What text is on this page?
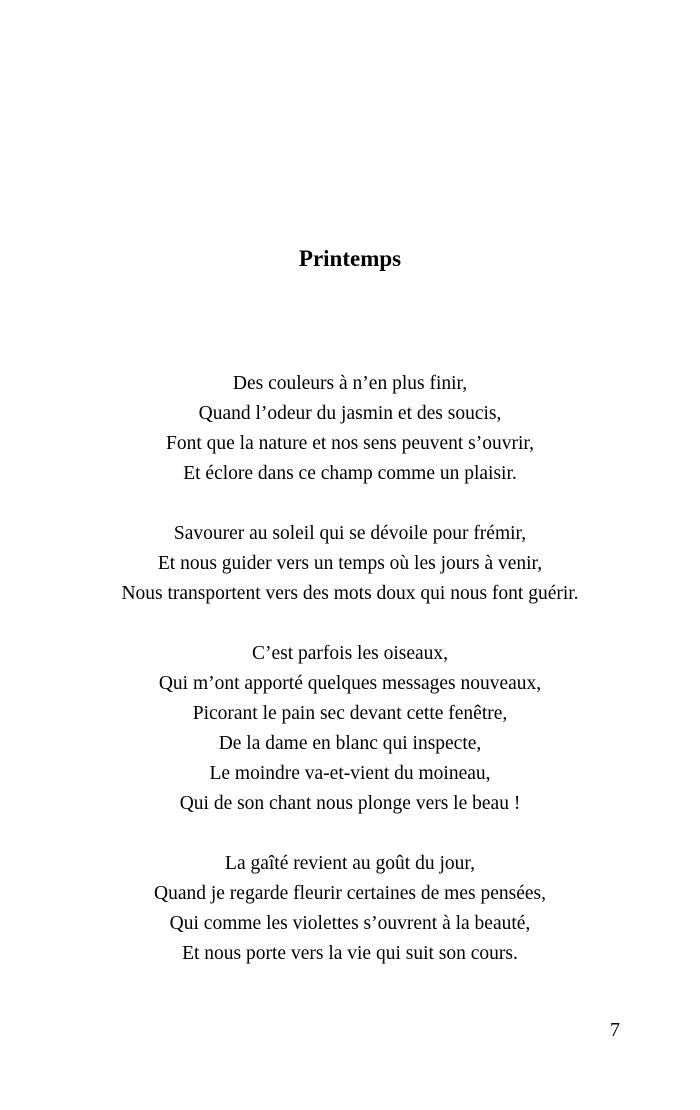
Printemps
Des couleurs à n’en plus finir,
Quand l’odeur du jasmin et des soucis,
Font que la nature et nos sens peuvent s’ouvrir,
Et éclore dans ce champ comme un plaisir.
Savourer au soleil qui se dévoile pour frémir,
Et nous guider vers un temps où les jours à venir,
Nous transportent vers des mots doux qui nous font guérir.
C’est parfois les oiseaux,
Qui m’ont apporté quelques messages nouveaux,
Picorant le pain sec devant cette fenêtre,
De la dame en blanc qui inspecte,
Le moindre va-et-vient du moineau,
Qui de son chant nous plonge vers le beau !
La gaîté revient au goût du jour,
Quand je regarde fleurir certaines de mes pensées,
Qui comme les violettes s’ouvrent à la beauté,
Et nous porte vers la vie qui suit son cours.
7
